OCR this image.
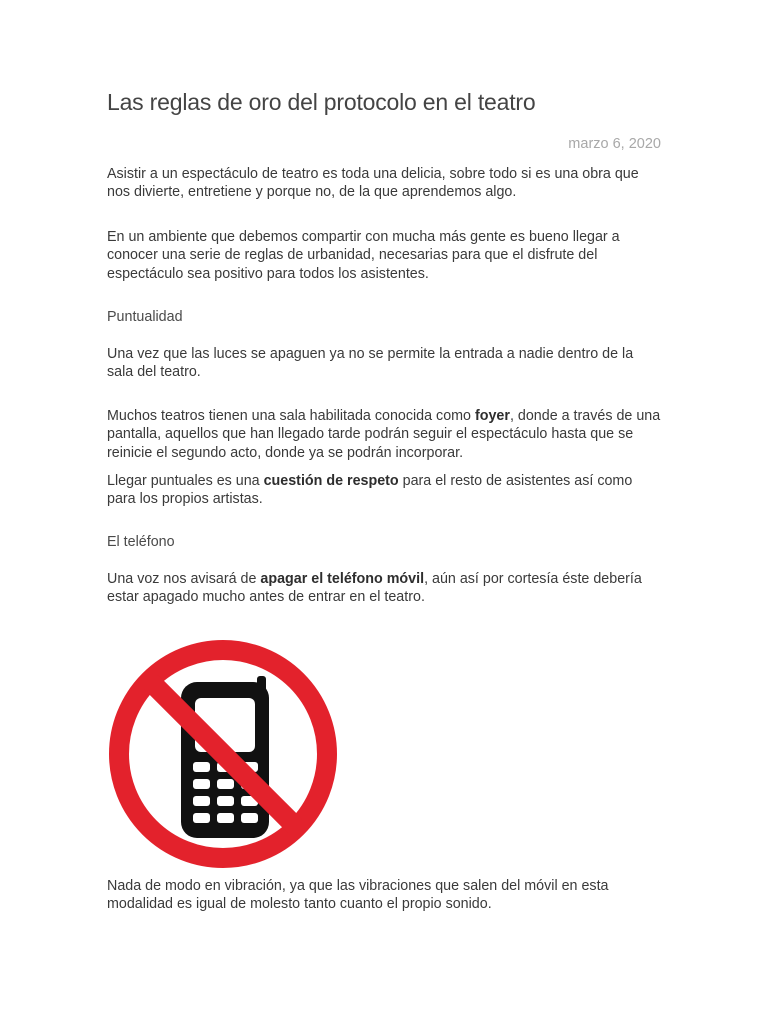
Las reglas de oro del protocolo en el teatro
marzo 6, 2020

Asistir a un espectáculo de teatro es toda una delicia, sobre todo si es una obra que nos divierte, entretiene y porque no, de la que aprendemos algo.

En un ambiente que debemos compartir con mucha más gente es bueno llegar a conocer una serie de reglas de urbanidad, necesarias para que el disfrute del espectáculo sea positivo para todos los asistentes.

Puntualidad

Una vez que las luces se apaguen ya no se permite la entrada a nadie dentro de la sala del teatro.

Muchos teatros tienen una sala habilitada conocida como foyer, donde a través de una pantalla, aquellos que han llegado tarde podrán seguir el espectáculo hasta que se reinicie el segundo acto, donde ya se podrán incorporar.

Llegar puntuales es una cuestión de respeto para el resto de asistentes así como para los propios artistas.

El teléfono

Una voz nos avisará de apagar el teléfono móvil, aún así por cortesía éste debería estar apagado mucho antes de entrar en el teatro.

Nada de modo en vibración, ya que las vibraciones que salen del móvil en esta modalidad es igual de molesto tanto cuanto el propio sonido.
